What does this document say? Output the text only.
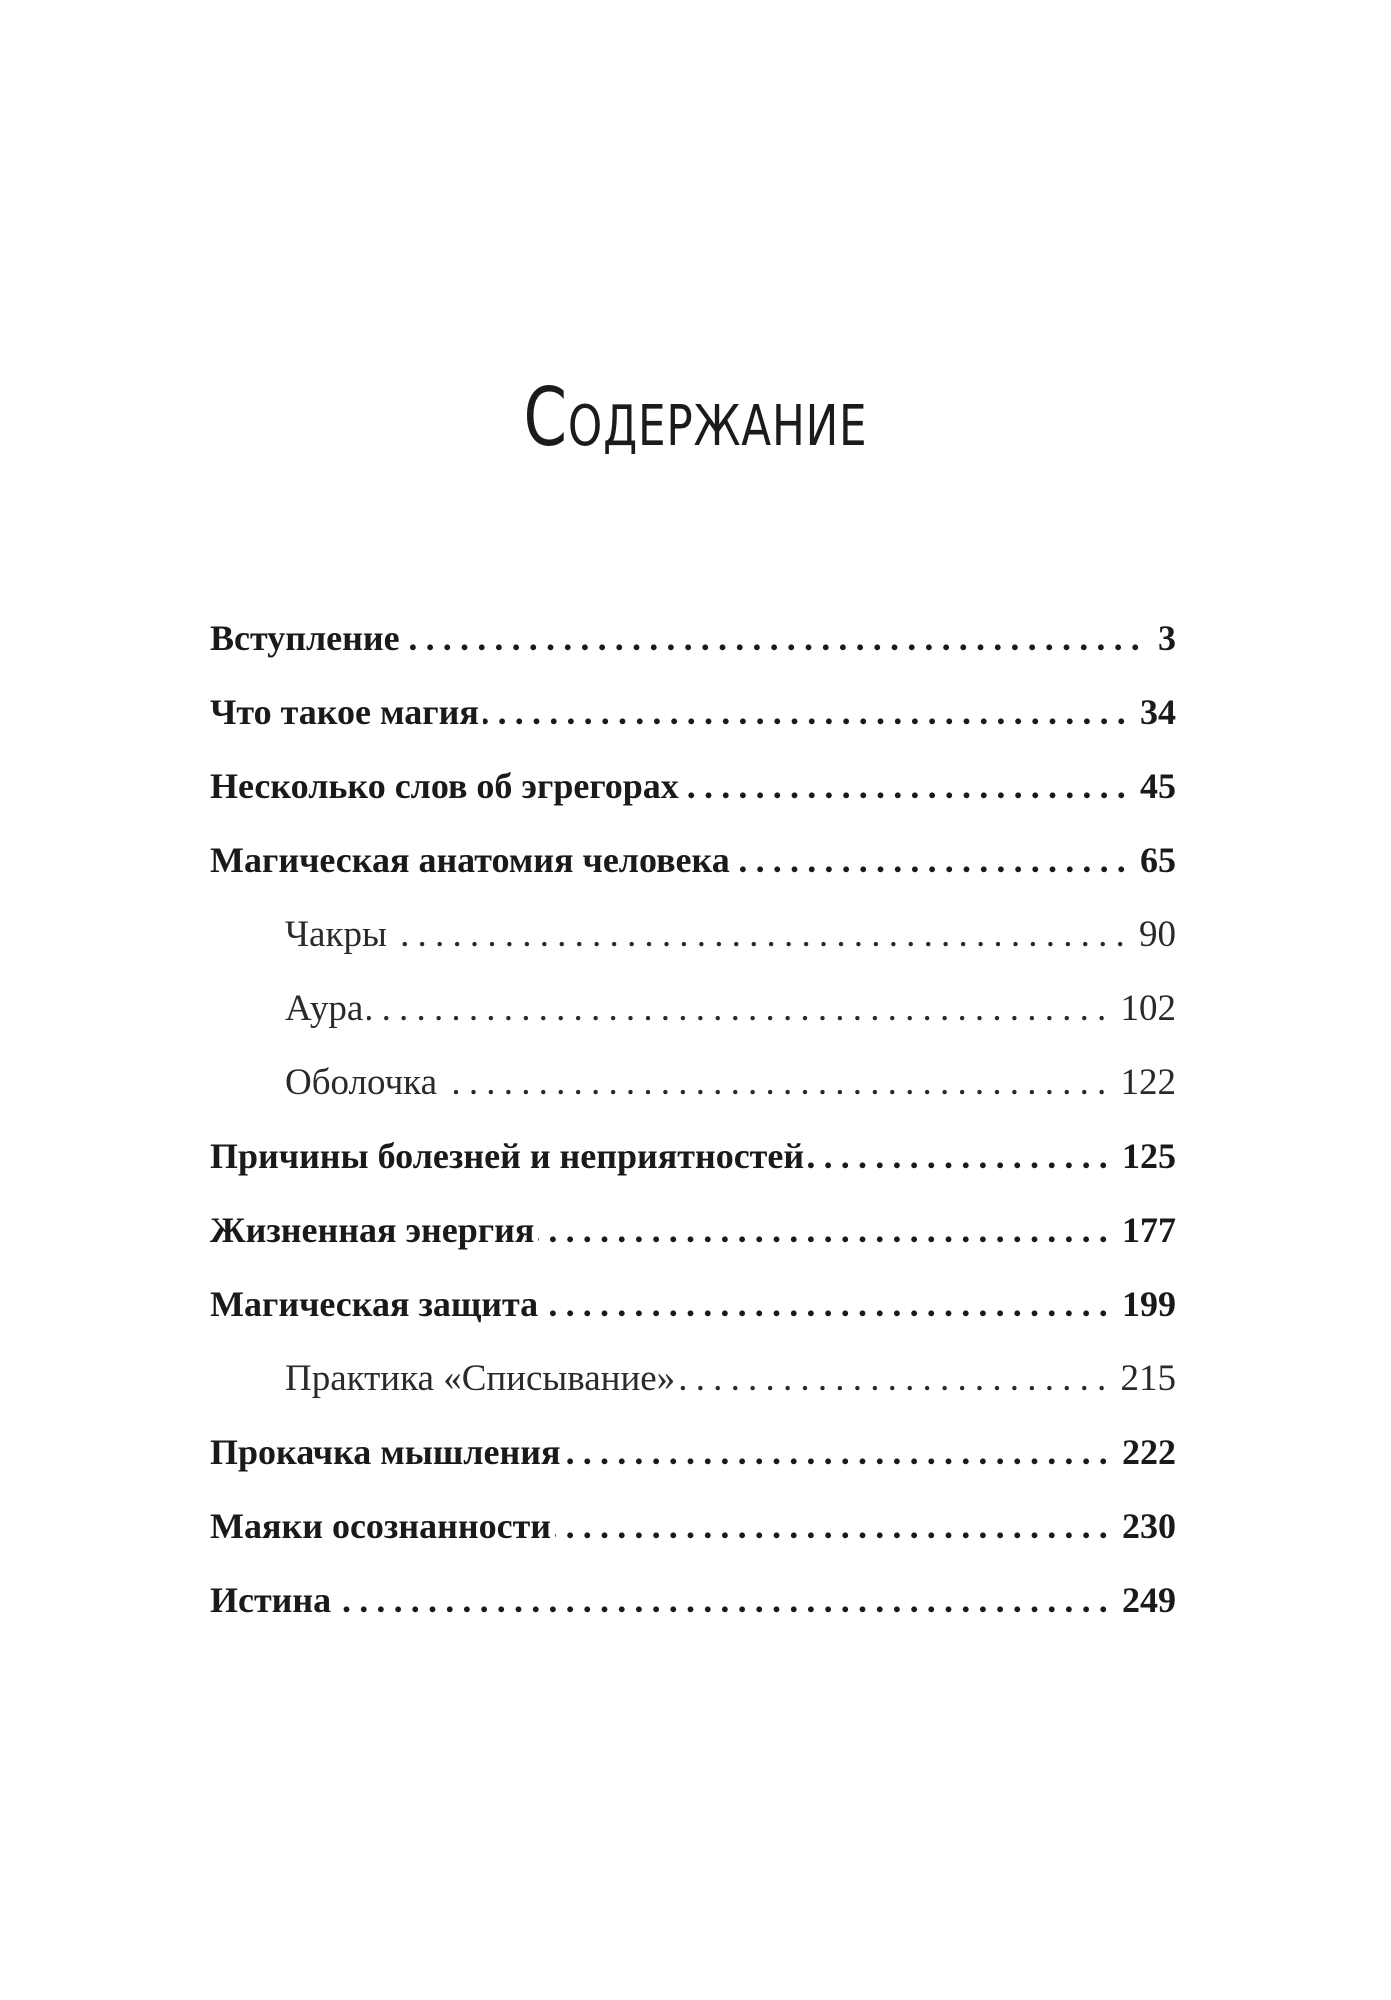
Содержание
Вступление .....	3
Что такое магия .....	34
Несколько слов об эгрегорах .....	45
Магическая анатомия человека .....	65
Чакры .....	90
Аура .....	102
Оболочка .....	122
Причины болезней и неприятностей .....	125
Жизненная энергия .....	177
Магическая защита .....	199
Практика «Списывание» .....	215
Прокачка мышления .....	222
Маяки осознанности .....	230
Истина .....	249
